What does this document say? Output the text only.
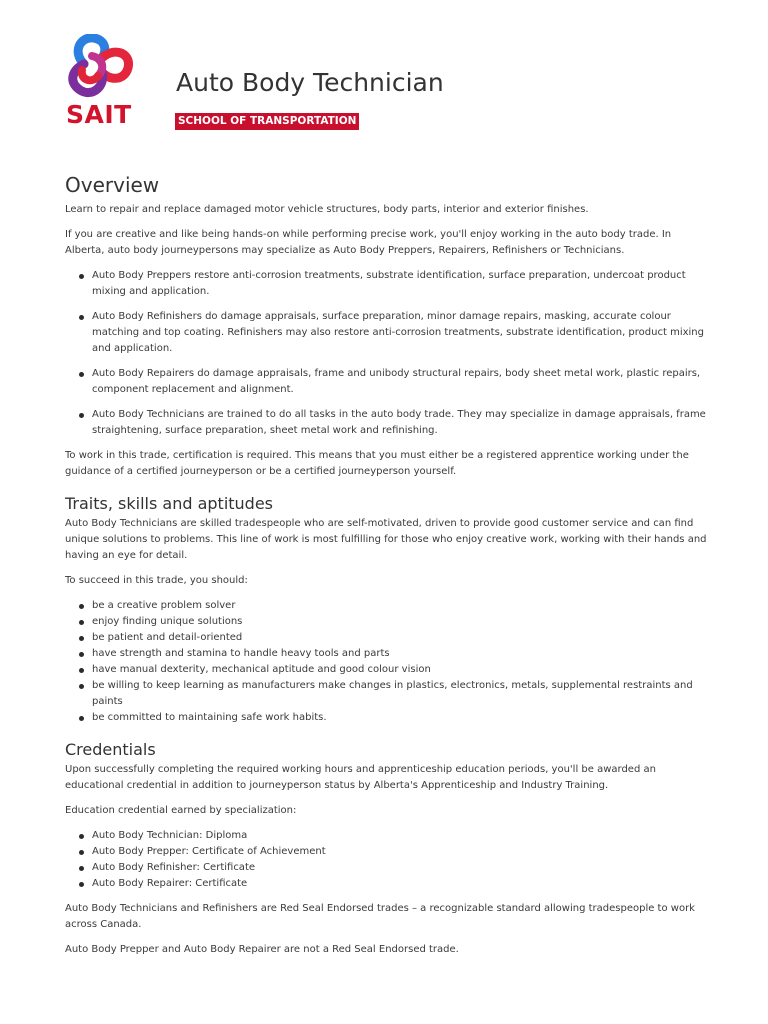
SAIT
Auto Body Technician
SCHOOL OF TRANSPORTATION
Overview

Learn to repair and replace damaged motor vehicle structures, body parts, interior and exterior finishes.

If you are creative and like being hands-on while performing precise work, you'll enjoy working in the auto body trade. In Alberta, auto body journeypersons may specialize as Auto Body Preppers, Repairers, Refinishers or Technicians.

Auto Body Preppers restore anti-corrosion treatments, substrate identification, surface preparation, undercoat product mixing and application.
Auto Body Refinishers do damage appraisals, surface preparation, minor damage repairs, masking, accurate colour matching and top coating. Refinishers may also restore anti-corrosion treatments, substrate identification, product mixing and application.
Auto Body Repairers do damage appraisals, frame and unibody structural repairs, body sheet metal work, plastic repairs, component replacement and alignment.
Auto Body Technicians are trained to do all tasks in the auto body trade. They may specialize in damage appraisals, frame straightening, surface preparation, sheet metal work and refinishing.

To work in this trade, certification is required. This means that you must either be a registered apprentice working under the guidance of a certified journeyperson or be a certified journeyperson yourself.

Traits, skills and aptitudes

Auto Body Technicians are skilled tradespeople who are self-motivated, driven to provide good customer service and can find unique solutions to problems. This line of work is most fulfilling for those who enjoy creative work, working with their hands and having an eye for detail.

To succeed in this trade, you should:

be a creative problem solver
enjoy finding unique solutions
be patient and detail-oriented
have strength and stamina to handle heavy tools and parts
have manual dexterity, mechanical aptitude and good colour vision
be willing to keep learning as manufacturers make changes in plastics, electronics, metals, supplemental restraints and paints
be committed to maintaining safe work habits.
Credentials

Upon successfully completing the required working hours and apprenticeship education periods, you'll be awarded an educational credential in addition to journeyperson status by Alberta's Apprenticeship and Industry Training.

Education credential earned by specialization:

Auto Body Technician: Diploma
Auto Body Prepper: Certificate of Achievement
Auto Body Refinisher: Certificate
Auto Body Repairer: Certificate

Auto Body Technicians and Refinishers are Red Seal Endorsed trades – a recognizable standard allowing tradespeople to work across Canada.

Auto Body Prepper and Auto Body Repairer are not a Red Seal Endorsed trade.
